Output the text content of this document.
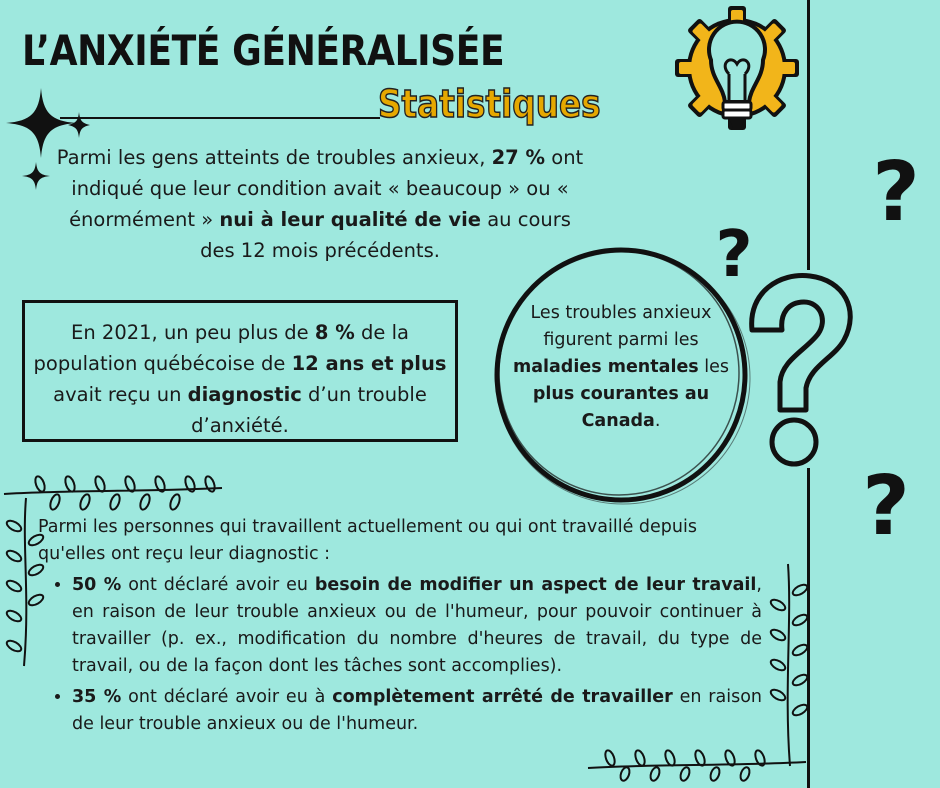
L’ANXIÉTÉ GÉNÉRALISÉE
Statistiques
?
?
?
Parmi les gens atteints de troubles anxieux, 27 % ont indiqué que leur condition avait « beaucoup » ou « énormément » nui à leur qualité de vie au cours des 12 mois précédents.
En 2021, un peu plus de 8 % de la population québécoise de 12 ans et plus avait reçu un diagnostic d’un trouble d’anxiété.
Les troubles anxieux figurent parmi les maladies mentales les plus courantes au Canada.

Parmi les personnes qui travaillent actuellement ou qui ont travaillé depuis qu'elles ont reçu leur diagnostic :

• 50 % ont déclaré avoir eu besoin de modifier un aspect de leur travail, en raison de leur trouble anxieux ou de l'humeur, pour pouvoir continuer à travailler (p. ex., modification du nombre d'heures de travail, du type de travail, ou de la façon dont les tâches sont accomplies).
• 35 % ont déclaré avoir eu à complètement arrêté de travailler en raison de leur trouble anxieux ou de l'humeur.
